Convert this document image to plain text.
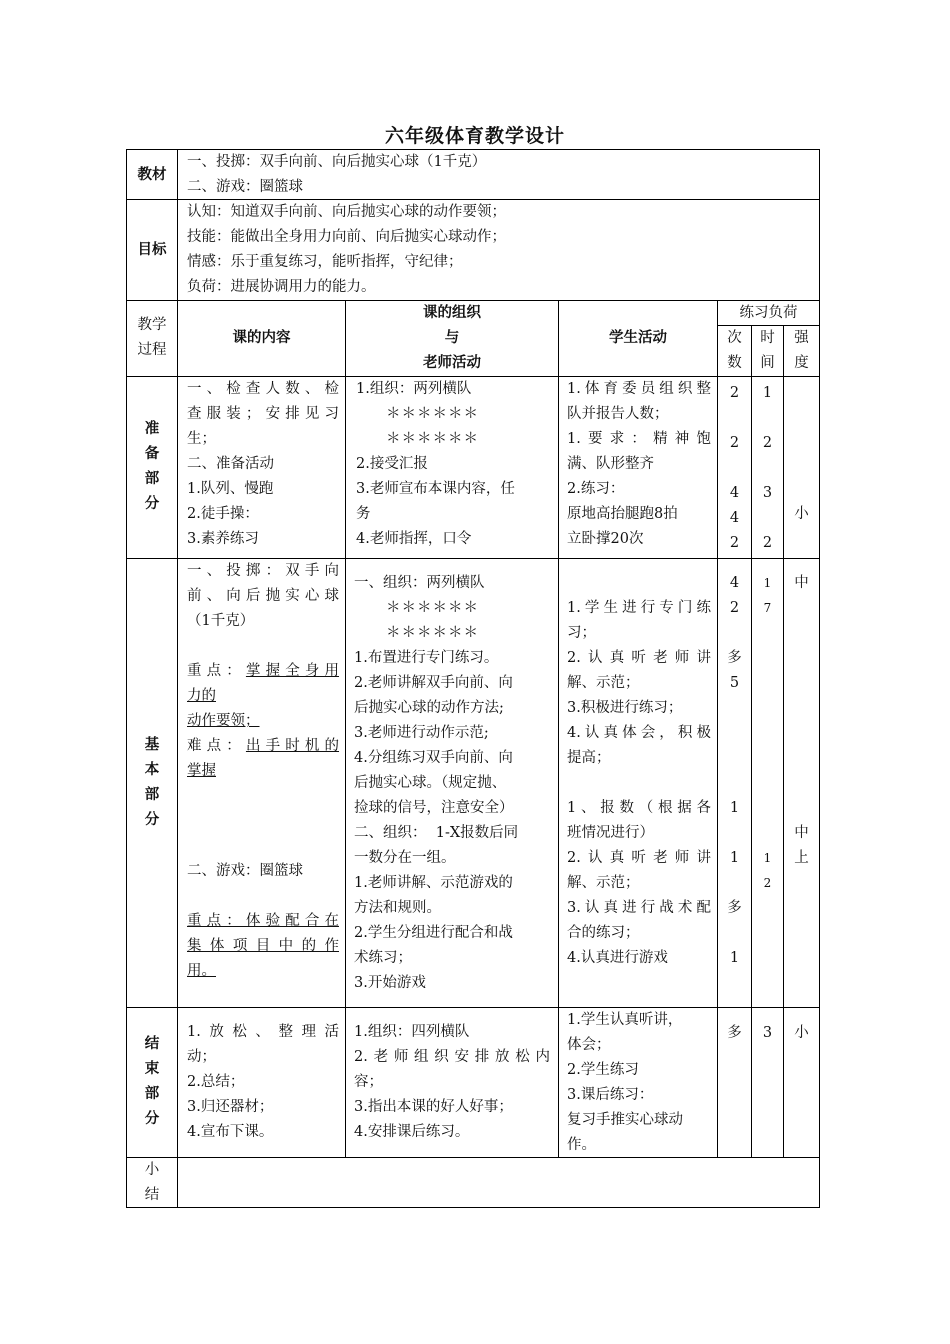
六年级体育教学设计
教材
一、投掷：双手向前、向后抛实心球（1千克）
二、游戏：圈篮球
目标
认知：知道双手向前、向后抛实心球的动作要领；
技能：能做出全身用力向前、向后抛实心球动作；
情感：乐于重复练习，能听指挥，守纪律；
负荷：进展协调用力的能力。
教学
过程
课的内容
课的组织
与
老师活动
学生活动
练习负荷
次
数
时
间
强
度
准
备
部
分
一、检查人数、检
查服装；安排见习
生；
二、准备活动
1.队列、慢跑
2.徒手操：
3.素养练习
1.组织：两列横队
＊＊＊＊＊＊
＊＊＊＊＊＊
2.接受汇报
3.老师宣布本课内容，任
务
4.老师指挥，口令
1.体育委员组织整
队并报告人数；
1.要求：精神饱
满、队形整齐
2.练习：
原地高抬腿跑8拍
立卧撑20次
2
2
4
4
2
1
2
3
2
小
基
本
部
分
一、投掷：双手向
前、向后抛实心球
（1千克）
重点：掌握全身用
力的
动作要领；
难点：出手时机的
掌握
二、游戏：圈篮球
重点：体验配合在
集体项目中的作
用。
一、组织：两列横队
＊＊＊＊＊＊
＊＊＊＊＊＊
1.布置进行专门练习。
2.老师讲解双手向前、向
后抛实心球的动作方法;
3.老师进行动作示范;
4.分组练习双手向前、向
后抛实心球。（规定抛、
捡球的信号，注意安全）
二、组织：  1-X报数后同
一数分在一组。
1.老师讲解、示范游戏的
方法和规则。
2.学生分组进行配合和战
术练习；
3.开始游戏
1.学生进行专门练
习；
2.认真听老师讲
解、示范；
3.积极进行练习；
4.认真体会，积极
提高；
1、报数（根据各
班情况进行）
2.认真听老师讲
解、示范；
3.认真进行战术配
合的练习；
4.认真进行游戏
4
2
多
5
1
1
多
1
1
7
1
2
中
中
上
结
束
部
分
1.放松、整理活
动；
2.总结；
3.归还器材；
4.宣布下课。
1.组织：四列横队
2.老师组织安排放松内
容；
3.指出本课的好人好事；
4.安排课后练习。
1.学生认真听讲，
体会；
2.学生练习
3.课后练习：
复习手推实心球动
作。
多	3	小
小
结
